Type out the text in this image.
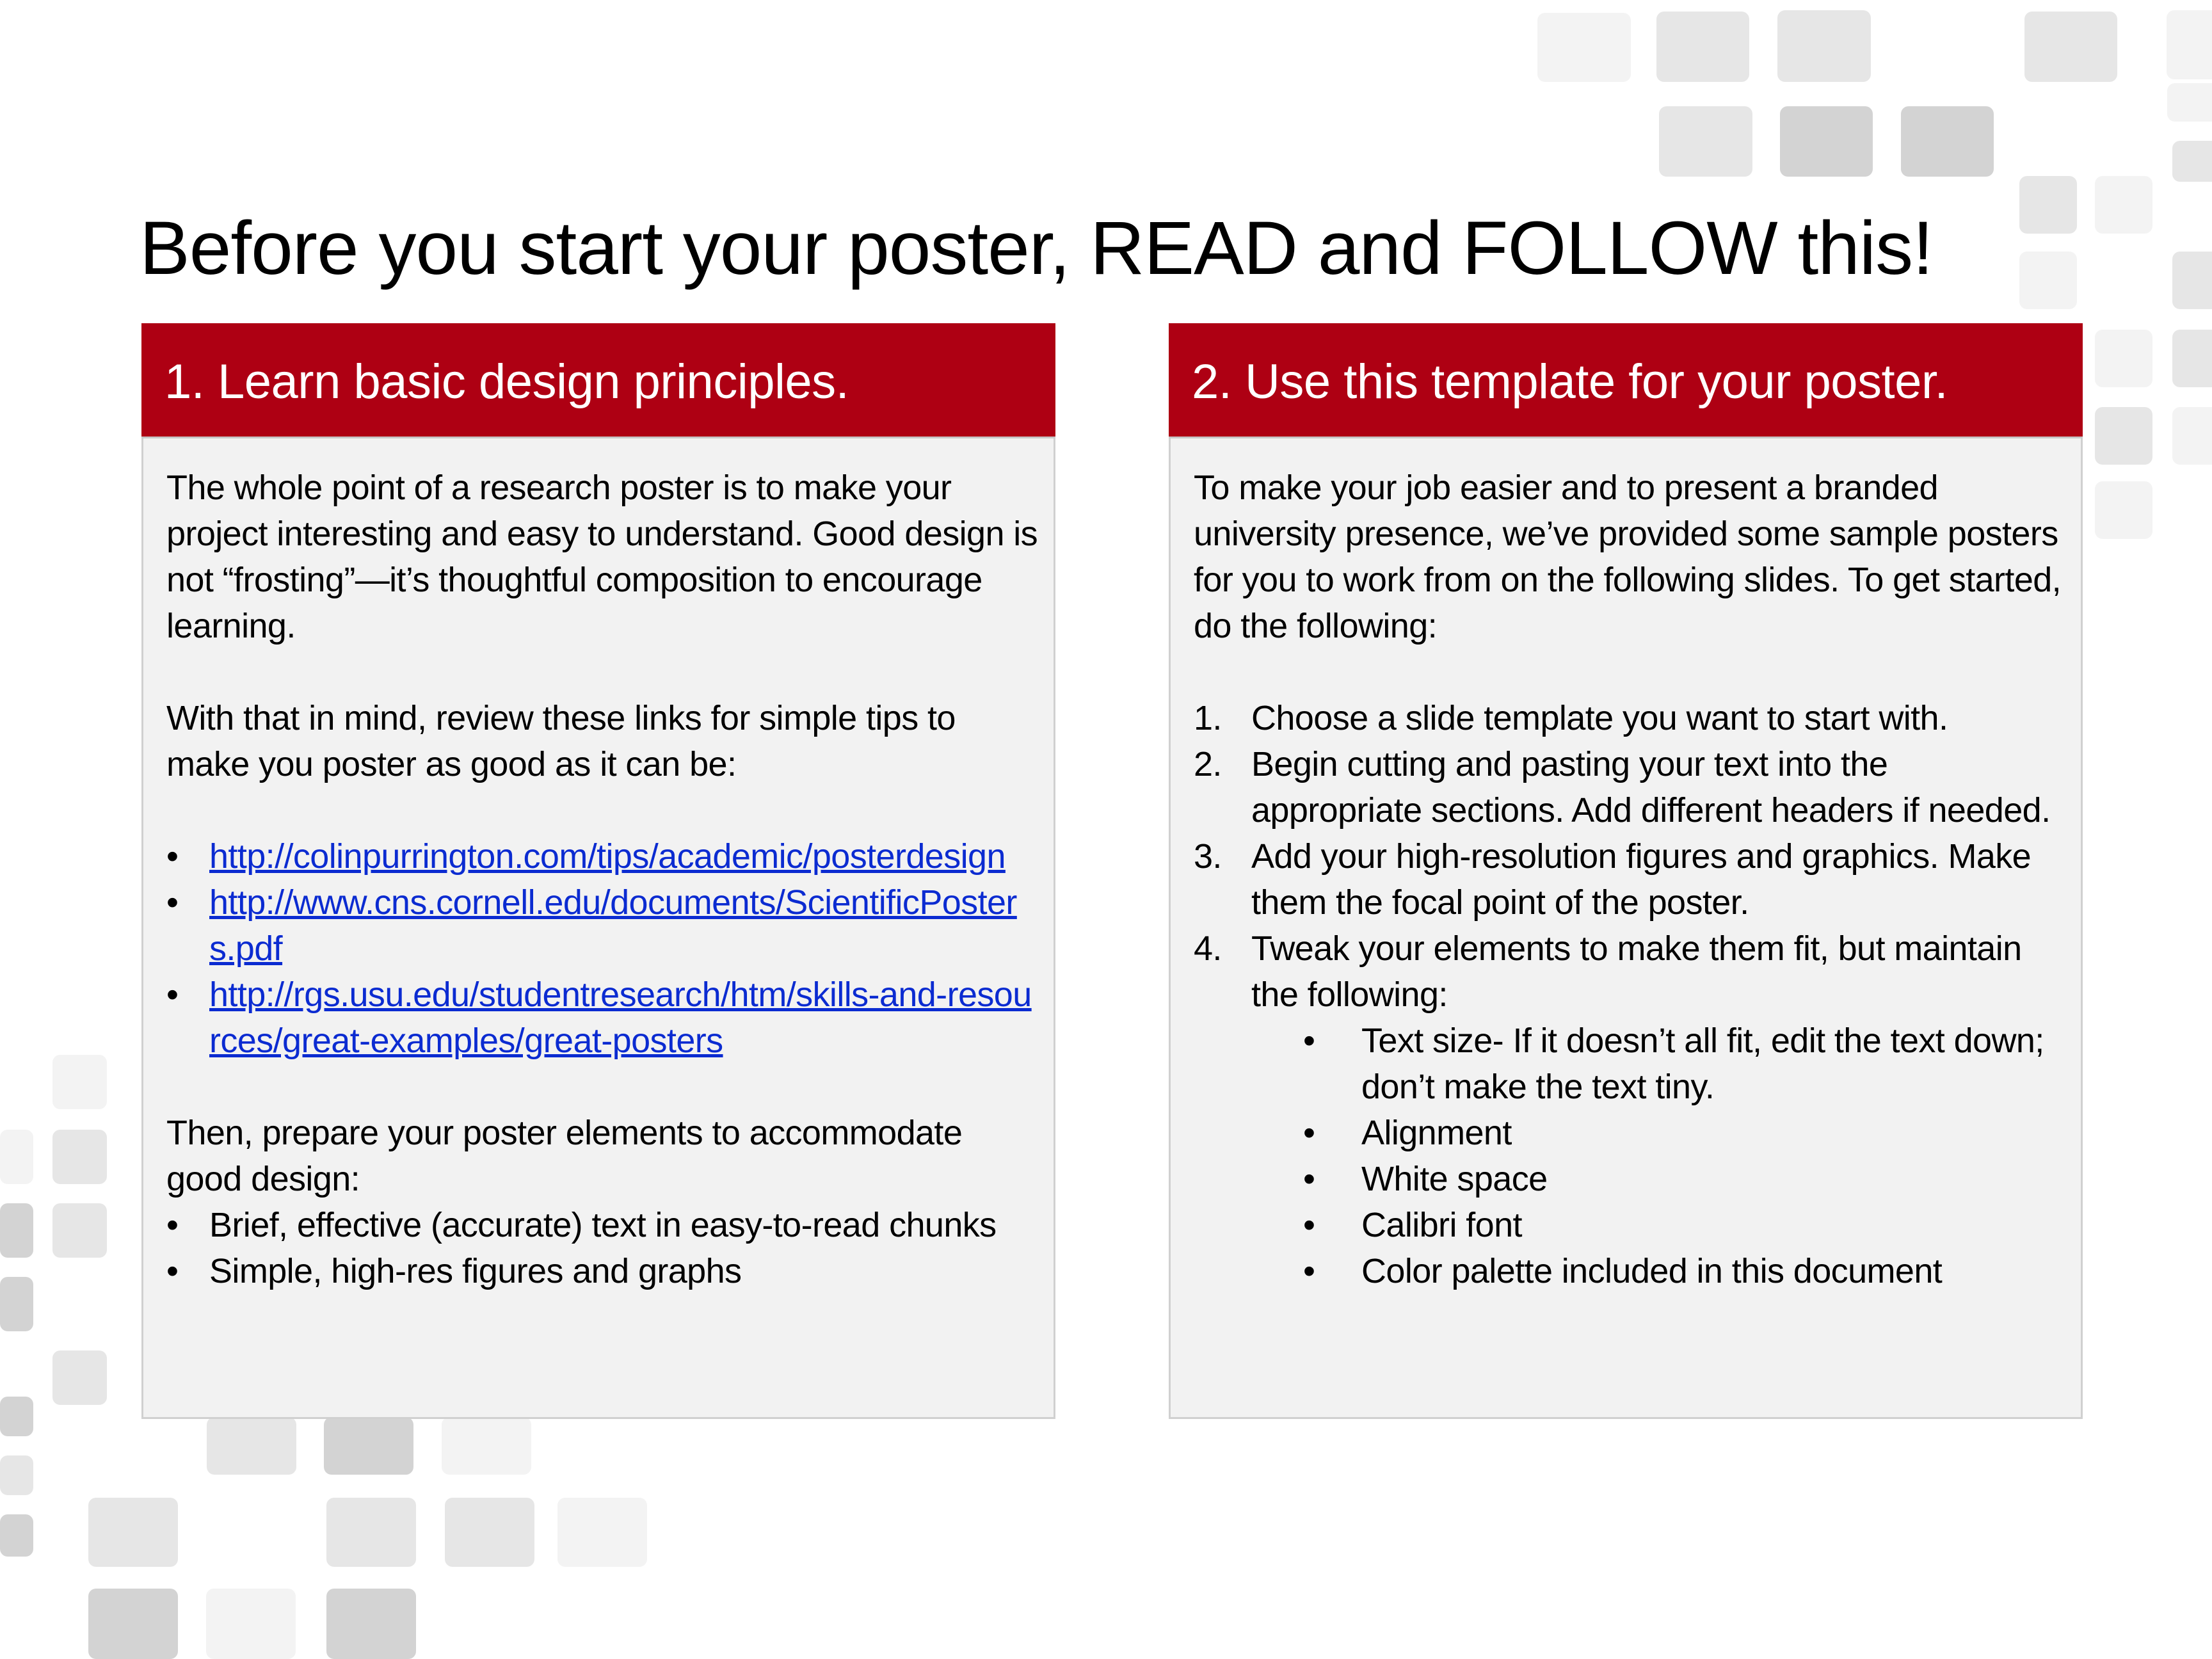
Before you start your poster, READ and FOLLOW this!
1. Learn basic design principles.

The whole point of a research poster is to make your project interesting and easy to understand. Good design is not “frosting”—it’s thoughtful composition to encourage learning.

With that in mind, review these links for simple tips to make you poster as good as it can be:

• http://colinpurrington.com/tips/academic/posterdesign
• http://www.cns.cornell.edu/documents/ScientificPosters.pdf
• http://rgs.usu.edu/studentresearch/htm/skills-and-resources/great-examples/great-posters

Then, prepare your poster elements to accommodate good design:

• Brief, effective (accurate) text in easy-to-read chunks
• Simple, high-res figures and graphs
2. Use this template for your poster.

To make your job easier and to present a branded university presence, we’ve provided some sample posters for you to work from on the following slides. To get started, do the following:

1. Choose a slide template you want to start with.
2. Begin cutting and pasting your text into the appropriate sections. Add different headers if needed.
3. Add your high-resolution figures and graphics. Make them the focal point of the poster.
4. Tweak your elements to make them fit, but maintain the following:
• Text size- If it doesn’t all fit, edit the text down; don’t make the text tiny.
• Alignment
• White space
• Calibri font
• Color palette included in this document
